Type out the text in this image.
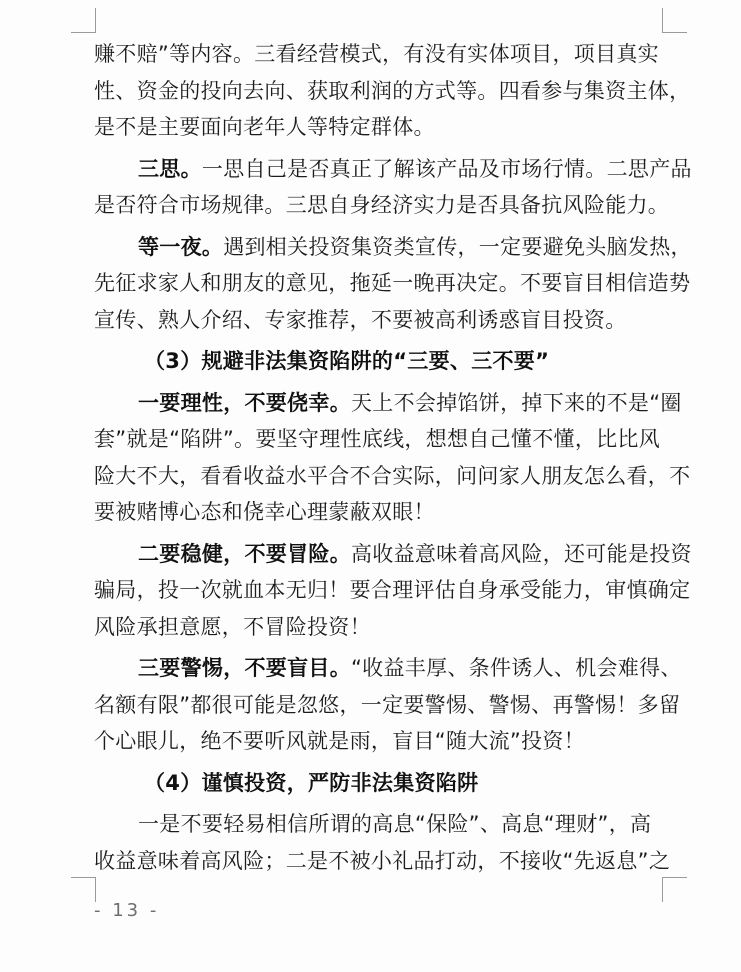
赚不赔”等内容。三看经营模式，有没有实体项目，项目真实
性、资金的投向去向、获取利润的方式等。四看参与集资主体，
是不是主要面向老年人等特定群体。
三思。一思自己是否真正了解该产品及市场行情。二思产品
是否符合市场规律。三思自身经济实力是否具备抗风险能力。
等一夜。遇到相关投资集资类宣传，一定要避免头脑发热，
先征求家人和朋友的意见，拖延一晚再决定。不要盲目相信造势
宣传、熟人介绍、专家推荐，不要被高利诱惑盲目投资。
（3）规避非法集资陷阱的“三要、三不要”
一要理性，不要侥幸。天上不会掉馅饼，掉下来的不是“圈
套”就是“陷阱”。要坚守理性底线，想想自己懂不懂，比比风
险大不大，看看收益水平合不合实际，问问家人朋友怎么看，不
要被赌博心态和侥幸心理蒙蔽双眼！
二要稳健，不要冒险。高收益意味着高风险，还可能是投资
骗局，投一次就血本无归！要合理评估自身承受能力，审慎确定
风险承担意愿，不冒险投资！
三要警惕，不要盲目。“收益丰厚、条件诱人、机会难得、
名额有限”都很可能是忽悠，一定要警惕、警惕、再警惕！多留
个心眼儿，绝不要听风就是雨，盲目“随大流”投资！
（4）谨慎投资，严防非法集资陷阱
一是不要轻易相信所谓的高息“保险”、高息“理财”，高
收益意味着高风险；二是不被小礼品打动，不接收“先返息”之
- 13 -
